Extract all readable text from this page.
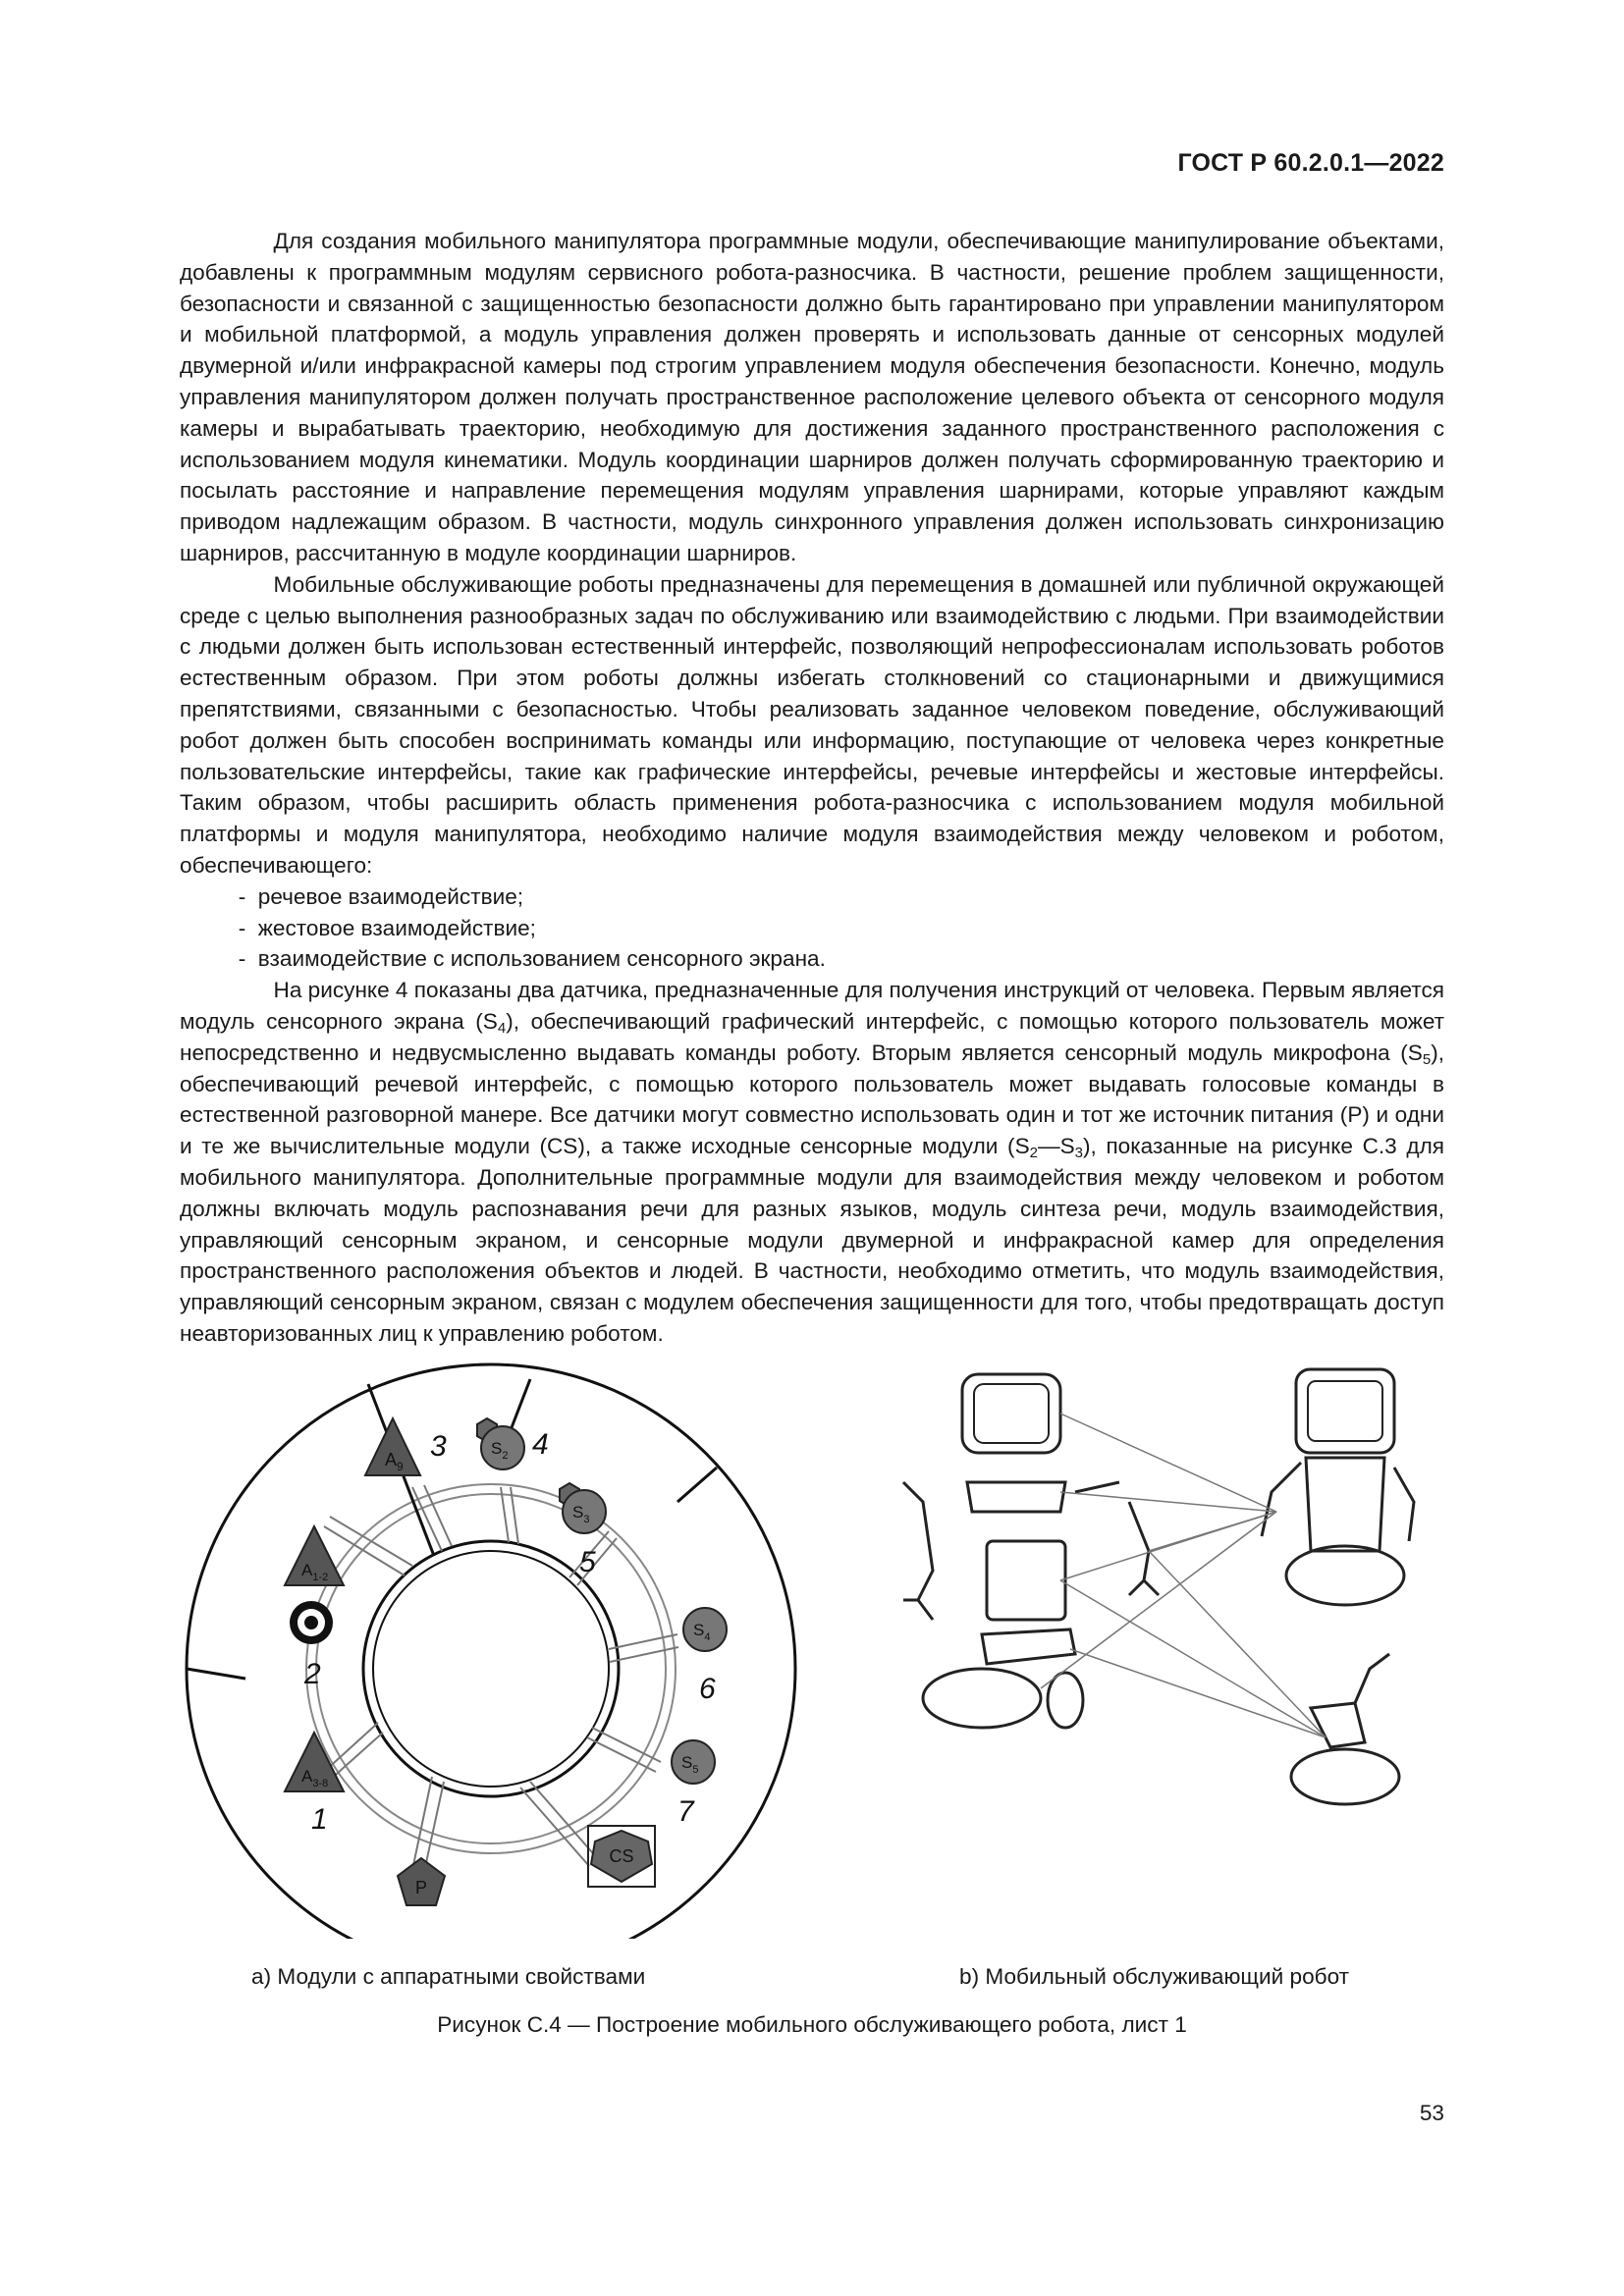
ГОСТ Р 60.2.0.1—2022

Для создания мобильного манипулятора программные модули, обеспечивающие манипулирование объектами, добавлены к программным модулям сервисного робота-разносчика. В частности, решение проблем защищенности, безопасности и связанной с защищенностью безопасности должно быть гарантировано при управлении манипулятором и мобильной платформой, а модуль управления должен проверять и использовать данные от сенсорных модулей двумерной и/или инфракрасной камеры под строгим управлением модуля обеспечения безопасности. Конечно, модуль управления манипулятором должен получать пространственное расположение целевого объекта от сенсорного модуля камеры и вырабатывать траекторию, необходимую для достижения заданного пространственного расположения с использованием модуля кинематики. Модуль координации шарниров должен получать сформированную траекторию и посылать расстояние и направление перемещения модулям управления шарнирами, которые управляют каждым приводом надлежащим образом. В частности, модуль синхронного управления должен использовать синхронизацию шарниров, рассчитанную в модуле координации шарниров.

Мобильные обслуживающие роботы предназначены для перемещения в домашней или публичной окружающей среде с целью выполнения разнообразных задач по обслуживанию или взаимодействию с людьми. При взаимодействии с людьми должен быть использован естественный интерфейс, позволяющий непрофессионалам использовать роботов естественным образом. При этом роботы должны избегать столкновений со стационарными и движущимися препятствиями, связанными с безопасностью. Чтобы реализовать заданное человеком поведение, обслуживающий робот должен быть способен воспринимать команды или информацию, поступающие от человека через конкретные пользовательские интерфейсы, такие как графические интерфейсы, речевые интерфейсы и жестовые интерфейсы. Таким образом, чтобы расширить область применения робота-разносчика с использованием модуля мобильной платформы и модуля манипулятора, необходимо наличие модуля взаимодействия между человеком и роботом, обеспечивающего:

-  речевое взаимодействие;

-  жестовое взаимодействие;

-  взаимодействие с использованием сенсорного экрана.

На рисунке 4 показаны два датчика, предназначенные для получения инструкций от человека. Первым является модуль сенсорного экрана $(S_4)$, обеспечивающий графический интерфейс, с помощью которого пользователь может непосредственно и недвусмысленно выдавать команды роботу. Вторым является сенсорный модуль микрофона $(S_5)$, обеспечивающий речевой интерфейс, с помощью которого пользователь может выдавать голосовые команды в естественной разговорной манере. Все датчики могут совместно использовать один и тот же источник питания (P) и одни и те же вычислительные модули (CS), а также исходные сенсорные модули $(S_2—S_3)$, показанные на рисунке С.3 для мобильного манипулятора. Дополнительные программные модули для взаимодействия между человеком и роботом должны включать модуль распознавания речи для разных языков, модуль синтеза речи, модуль взаимодействия, управляющий сенсорным экраном, и сенсорные модули двумерной и инфракрасной камер для определения пространственного расположения объектов и людей. В частности, необходимо отметить, что модуль взаимодействия, управляющий сенсорным экраном, связан с модулем обеспечения защищенности для того, чтобы предотвращать доступ неавторизованных лиц к управлению роботом.

$A_9$
3	$S_2$ 4
$S_3$
5
$S_4$
6
$S_5$
7
CS
P
$A_{1-2}$
2
$A_{3-8}$
1
а) Модули с аппаратными свойствами	b) Мобильный обслуживающий робот
Рисунок С.4 — Построение мобильного обслуживающего робота, лист 1
53
